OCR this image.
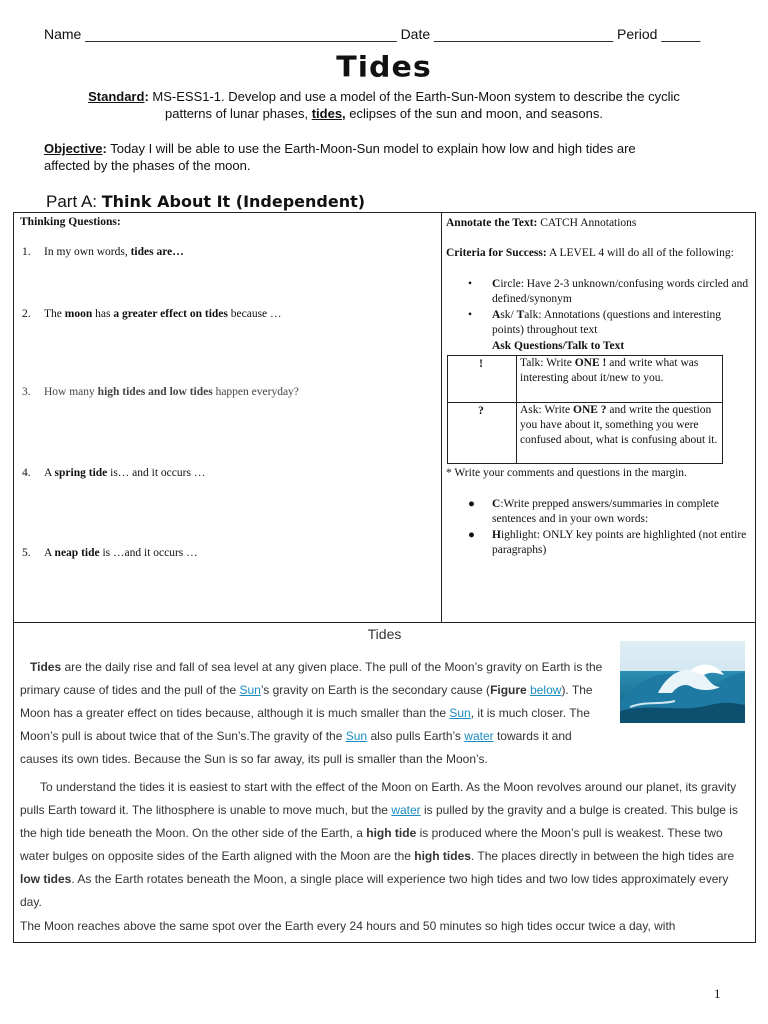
Name ________________________________________ Date _______________________ Period _____
Tides
Standard: MS-ESS1-1. Develop and use a model of the Earth-Sun-Moon system to describe the cyclic
patterns of lunar phases, tides, eclipses of the sun and moon, and seasons.
Objective: Today I will be able to use the Earth-Moon-Sun model to explain how low and high tides are
affected by the phases of the moon.
Part A: Think About It (Independent)
Thinking Questions:
1.	In my own words, tides are…
2.	The moon has a greater effect on tides because …
3.	How many high tides and low tides happen everyday?
4.	A spring tide is… and it occurs …
5.	A neap tide is …and it occurs …
Annotate the Text: CATCH Annotations
Criteria for Success: A LEVEL 4 will do all of the following:
• Circle: Have 2-3 unknown/confusing words circled and defined/synonym
• Ask/ Talk: Annotations (questions and interesting points) throughout text
Ask Questions/Talk to Text
!	Talk: Write ONE ! and write what was interesting about it/new to you.
?	Ask: Write ONE ? and write the question you have about it, something you were confused about, what is confusing about it.
* Write your comments and questions in the margin.
● C:Write prepped answers/summaries in complete sentences and in your own words:
● Highlight: ONLY key points are highlighted (not entire paragraphs)
Tides
Tides are the daily rise and fall of sea level at any given place. The pull of the Moon’s gravity on Earth is the primary cause of tides and the pull of the Sun’s gravity on Earth is the secondary cause (Figure below). The Moon has a greater effect on tides because, although it is much smaller than the Sun, it is much closer. The Moon’s pull is about twice that of the Sun’s.The gravity of the Sun also pulls Earth’s water towards it and causes its own tides. Because the Sun is so far away, its pull is smaller than the Moon’s.
To understand the tides it is easiest to start with the effect of the Moon on Earth. As the Moon revolves around our planet, its gravity pulls Earth toward it. The lithosphere is unable to move much, but the water is pulled by the gravity and a bulge is created. This bulge is the high tide beneath the Moon. On the other side of the Earth, a high tide is produced where the Moon’s pull is weakest. These two water bulges on opposite sides of the Earth aligned with the Moon are the high tides. The places directly in between the high tides are low tides. As the Earth rotates beneath the Moon, a single place will experience two high tides and two low tides approximately every day.
The Moon reaches above the same spot over the Earth every 24 hours and 50 minutes so high tides occur twice a day, with
1
